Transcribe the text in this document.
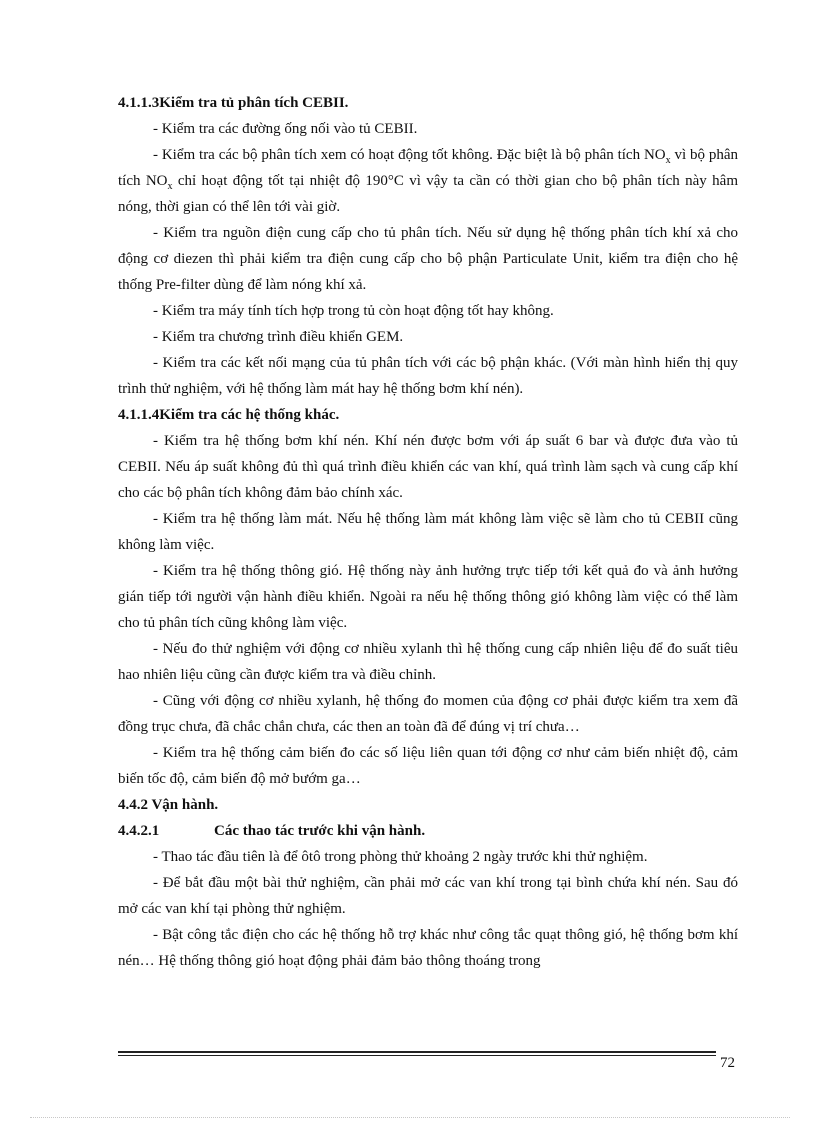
4.1.1.3Kiểm tra tủ phân tích CEBII.

- Kiểm tra các đường ống nối vào tủ CEBII.

- Kiểm tra các bộ phân tích xem có hoạt động tốt không. Đặc biệt là bộ phân tích $NO_x$ vì bộ phân tích $NO_x$ chỉ hoạt động tốt tại nhiệt độ 190°C vì vậy ta cần có thời gian cho bộ phân tích này hâm nóng, thời gian có thể lên tới vài giờ.

- Kiểm tra nguồn điện cung cấp cho tủ phân tích. Nếu sử dụng hệ thống phân tích khí xả cho động cơ diezen thì phải kiểm tra điện cung cấp cho bộ phận Particulate Unit, kiểm tra điện cho hệ thống Pre-filter dùng để làm nóng khí xả.

- Kiểm tra máy tính tích hợp trong tủ còn hoạt động tốt hay không.

- Kiểm tra chương trình điều khiển GEM.

- Kiểm tra các kết nối mạng của tủ phân tích với các bộ phận khác. (Với màn hình hiển thị quy trình thử nghiệm, với hệ thống làm mát hay hệ thống bơm khí nén).

4.1.1.4Kiểm tra các hệ thống khác.

- Kiểm tra hệ thống bơm khí nén. Khí nén được bơm với áp suất 6 bar và được đưa vào tủ CEBII. Nếu áp suất không đủ thì quá trình điều khiển các van khí, quá trình làm sạch và cung cấp khí cho các bộ phân tích không đảm bảo chính xác.

- Kiểm tra hệ thống làm mát. Nếu hệ thống làm mát không làm việc sẽ làm cho tủ CEBII cũng không làm việc.

- Kiểm tra hệ thống thông gió. Hệ thống này ảnh hưởng trực tiếp tới kết quả đo và ảnh hưởng gián tiếp tới người vận hành điều khiển. Ngoài ra nếu hệ thống thông gió không làm việc có thể làm cho tủ phân tích cũng không làm việc.

- Nếu đo thử nghiệm với động cơ nhiều xylanh thì hệ thống cung cấp nhiên liệu để đo suất tiêu hao nhiên liệu cũng cần được kiểm tra và điều chỉnh.

- Cũng với động cơ nhiều xylanh, hệ thống đo momen của động cơ phải được kiểm tra xem đã đồng trục chưa, đã chắc chắn chưa, các then an toàn đã để đúng vị trí chưa…

- Kiểm tra hệ thống cảm biến đo các số liệu liên quan tới động cơ như cảm biến nhiệt độ, cảm biến tốc độ, cảm biến độ mở bướm ga…

4.4.2 Vận hành.

4.4.2.1	Các thao tác trước khi vận hành.

- Thao tác đầu tiên là để ôtô trong phòng thử khoảng 2 ngày trước khi thử nghiệm.

- Để bắt đầu một bài thử nghiệm, cần phải mở các van khí trong tại bình chứa khí nén. Sau đó mở các van khí tại phòng thử nghiệm.

- Bật công tắc điện cho các hệ thống hỗ trợ khác như công tắc quạt thông gió, hệ thống bơm khí nén… Hệ thống thông gió hoạt động phải đảm bảo thông thoáng trong

72
